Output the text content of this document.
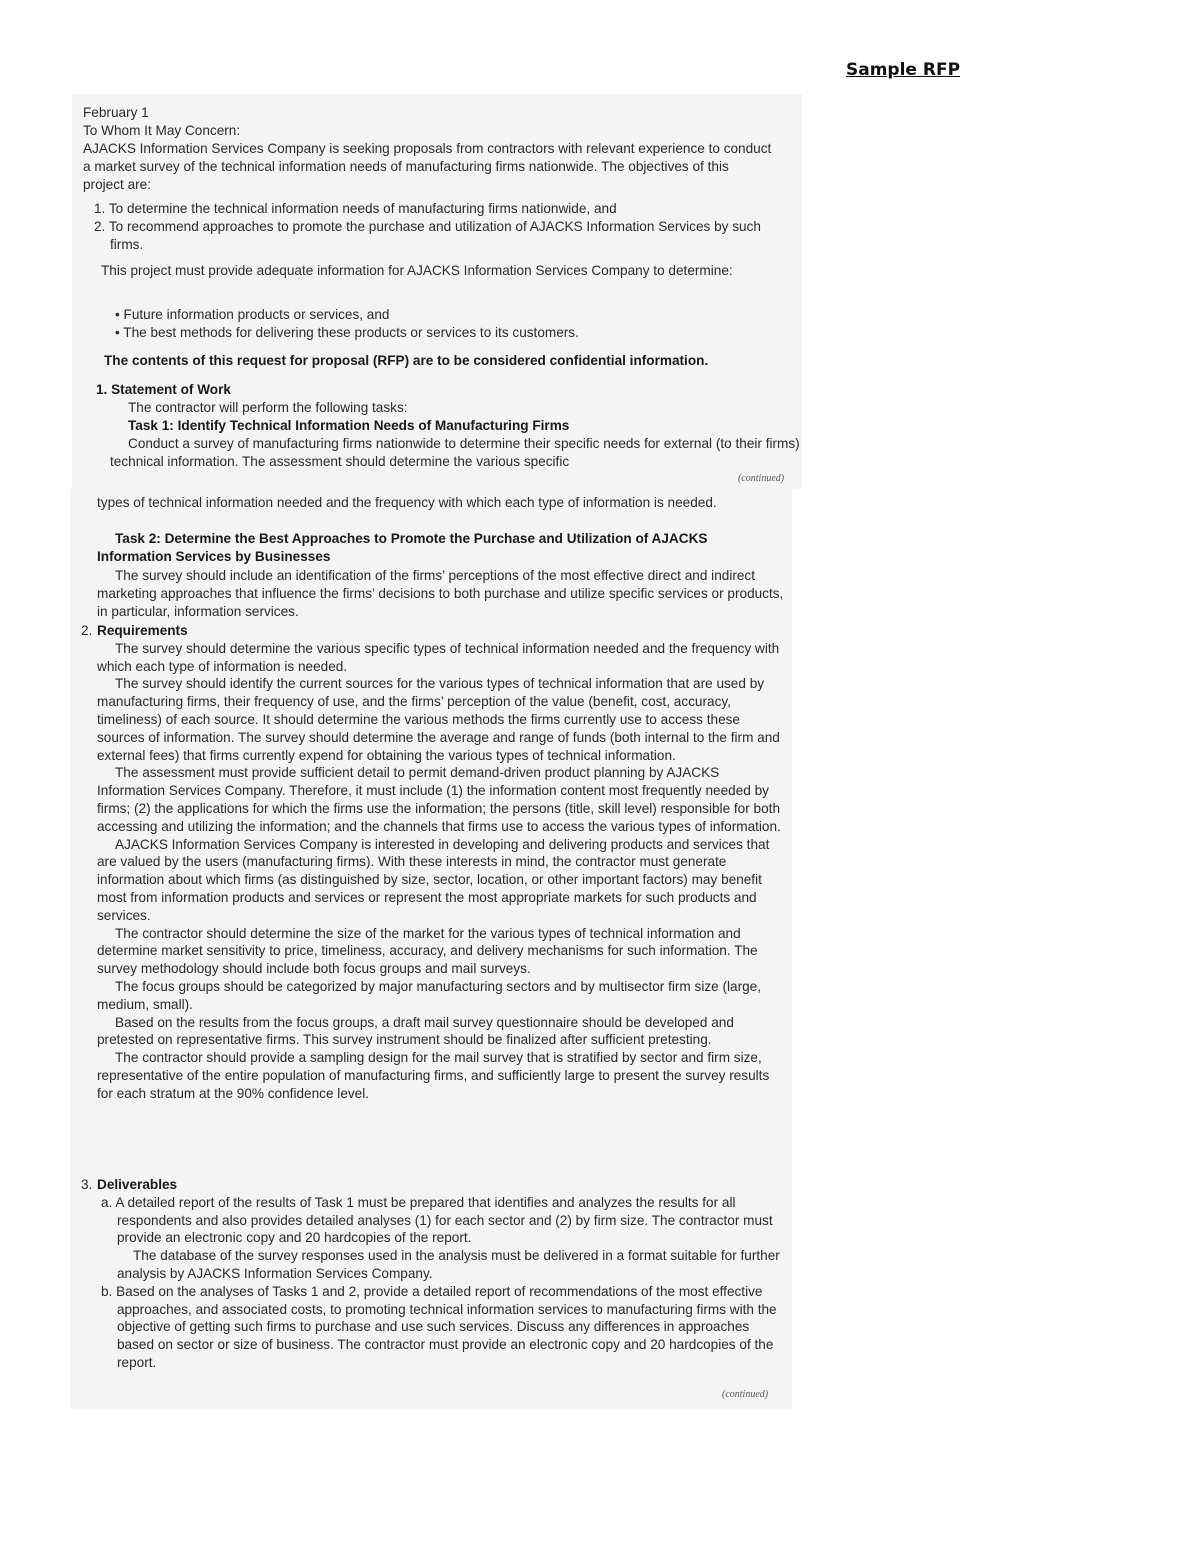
Sample RFP
February 1
To Whom It May Concern:
AJACKS Information Services Company is seeking proposals from contractors with relevant experience to conduct a market survey of the technical information needs of manufacturing firms nationwide. The objectives of this project are:
1. To determine the technical information needs of manufacturing firms nationwide, and
2. To recommend approaches to promote the purchase and utilization of AJACKS Information Services by such firms.
This project must provide adequate information for AJACKS Information Services Company to determine:
• Future information products or services, and
• The best methods for delivering these products or services to its customers.
The contents of this request for proposal (RFP) are to be considered confidential information.
1. Statement of Work
The contractor will perform the following tasks:
Task 1: Identify Technical Information Needs of Manufacturing Firms
Conduct a survey of manufacturing firms nationwide to determine their specific needs for external (to their firms) technical information. The assessment should determine the various specific
(continued)
types of technical information needed and the frequency with which each type of information is needed.
Task 2: Determine the Best Approaches to Promote the Purchase and Utilization of AJACKS Information Services by Businesses
The survey should include an identification of the firms’ perceptions of the most effective direct and indirect marketing approaches that influence the firms’ decisions to both purchase and utilize specific services or products, in particular, information services.
2. Requirements
The survey should determine the various specific types of technical information needed and the frequency with which each type of information is needed.
The survey should identify the current sources for the various types of technical information that are used by manufacturing firms, their frequency of use, and the firms’ perception of the value (benefit, cost, accuracy, timeliness) of each source. It should determine the various methods the firms currently use to access these sources of information. The survey should determine the average and range of funds (both internal to the firm and external fees) that firms currently expend for obtaining the various types of technical information.
The assessment must provide sufficient detail to permit demand-driven product planning by AJACKS Information Services Company. Therefore, it must include (1) the information content most frequently needed by firms; (2) the applications for which the firms use the information; the persons (title, skill level) responsible for both accessing and utilizing the information; and the channels that firms use to access the various types of information.
AJACKS Information Services Company is interested in developing and delivering products and services that are valued by the users (manufacturing firms). With these interests in mind, the contractor must generate information about which firms (as distinguished by size, sector, location, or other important factors) may benefit most from information products and services or represent the most appropriate markets for such products and services.
The contractor should determine the size of the market for the various types of technical information and determine market sensitivity to price, timeliness, accuracy, and delivery mechanisms for such information. The survey methodology should include both focus groups and mail surveys.
The focus groups should be categorized by major manufacturing sectors and by multisector firm size (large, medium, small).
Based on the results from the focus groups, a draft mail survey questionnaire should be developed and pretested on representative firms. This survey instrument should be finalized after sufficient pretesting.
The contractor should provide a sampling design for the mail survey that is stratified by sector and firm size, representative of the entire population of manufacturing firms, and sufficiently large to present the survey results for each stratum at the 90% confidence level.
3. Deliverables
a. A detailed report of the results of Task 1 must be prepared that identifies and analyzes the results for all respondents and also provides detailed analyses (1) for each sector and (2) by firm size. The contractor must provide an electronic copy and 20 hardcopies of the report.
The database of the survey responses used in the analysis must be delivered in a format suitable for further analysis by AJACKS Information Services Company.
b. Based on the analyses of Tasks 1 and 2, provide a detailed report of recommendations of the most effective approaches, and associated costs, to promoting technical information services to manufacturing firms with the objective of getting such firms to purchase and use such services. Discuss any differences in approaches based on sector or size of business. The contractor must provide an electronic copy and 20 hardcopies of the report.
(continued)
